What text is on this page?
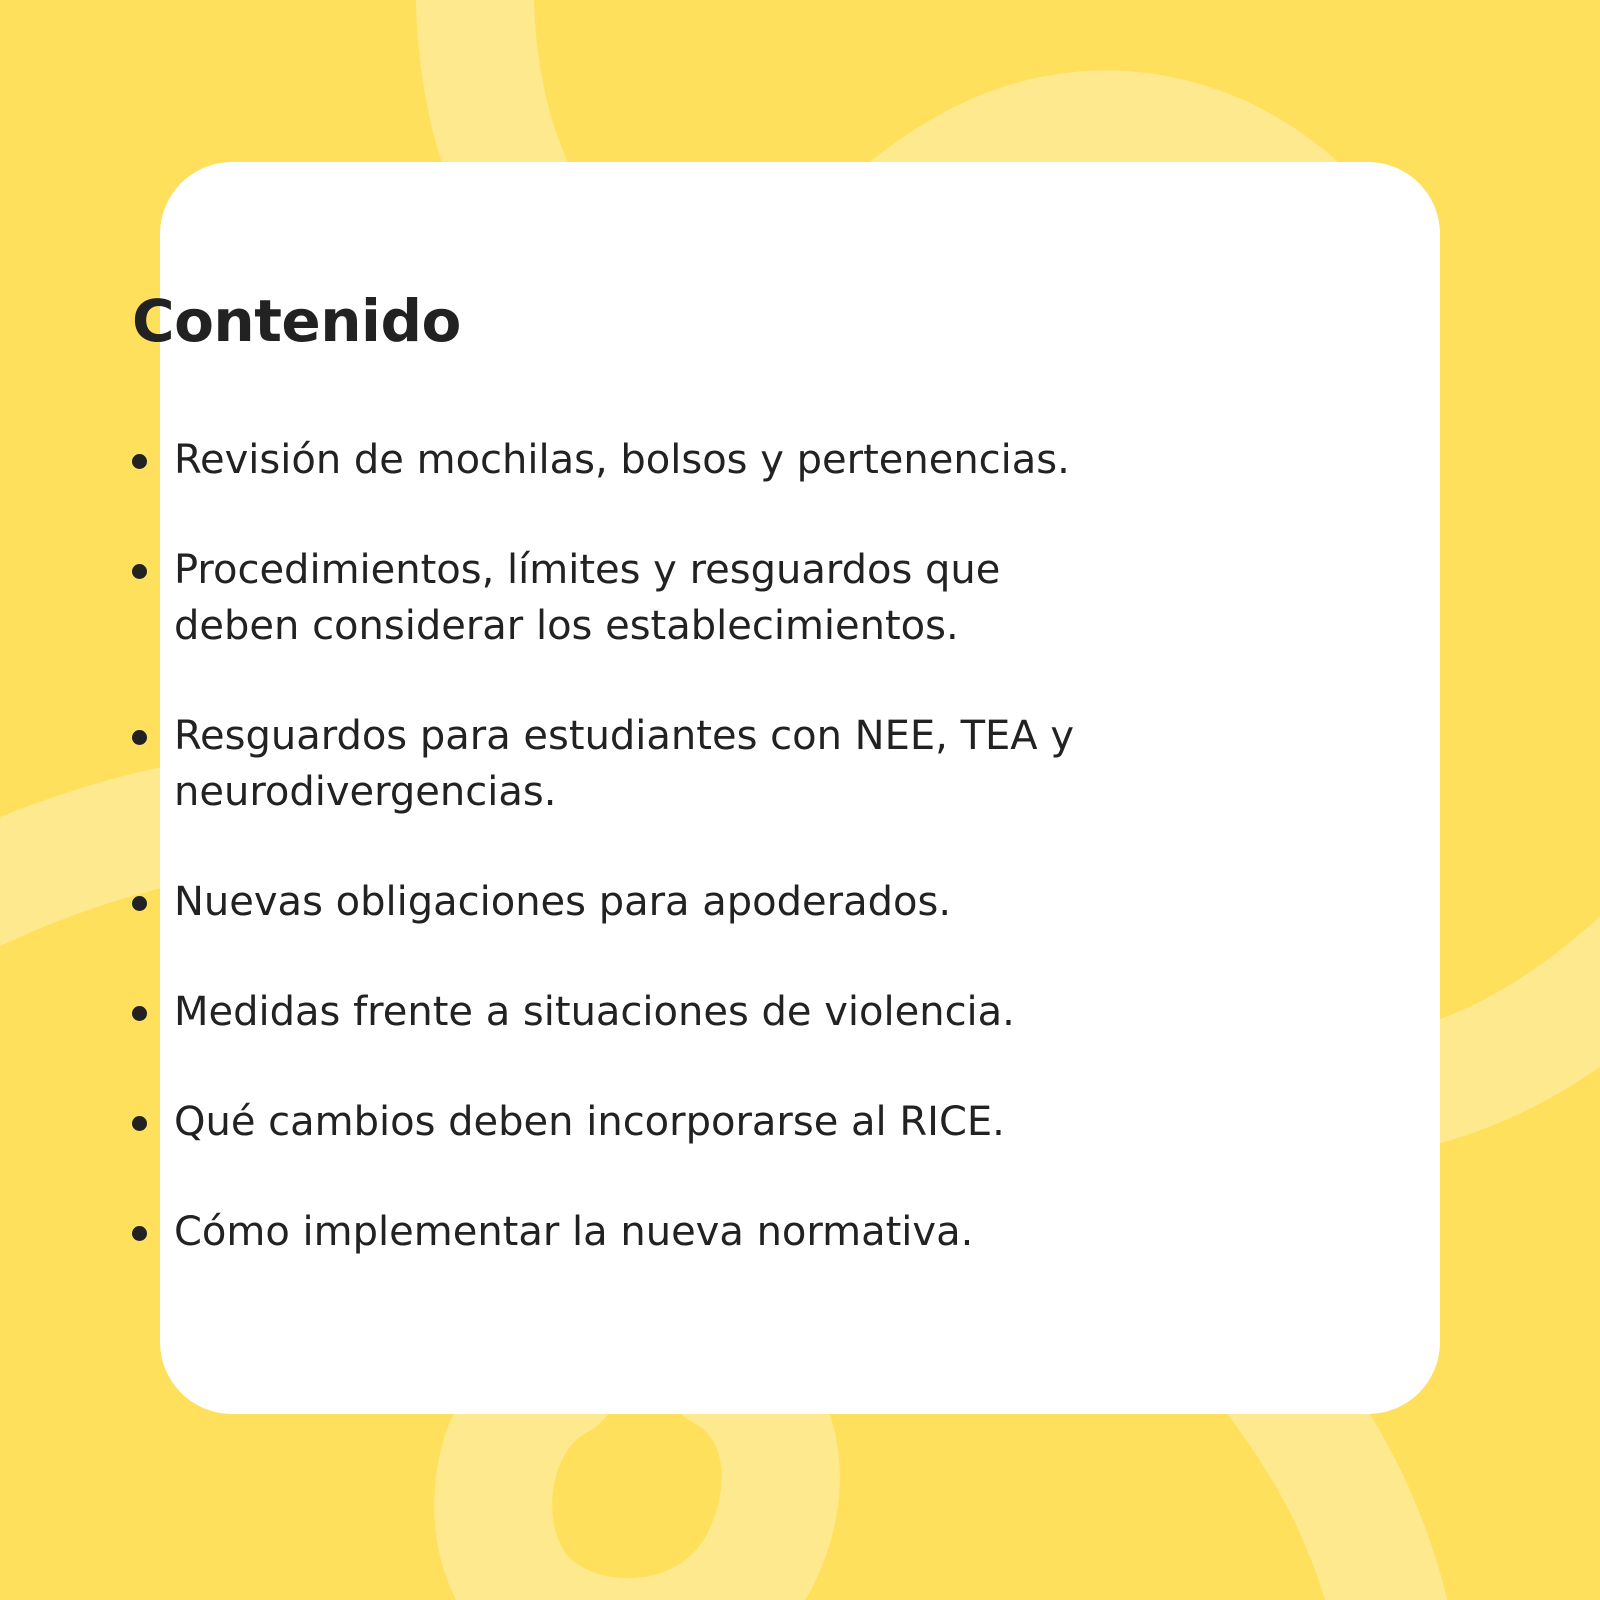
Contenido
Revisión de mochilas, bolsos y pertenencias.
Procedimientos, límites y resguardos que deben considerar los establecimientos.
Resguardos para estudiantes con NEE, TEA y neurodivergencias.
Nuevas obligaciones para apoderados.
Medidas frente a situaciones de violencia.
Qué cambios deben incorporarse al RICE.
Cómo implementar la nueva normativa.
